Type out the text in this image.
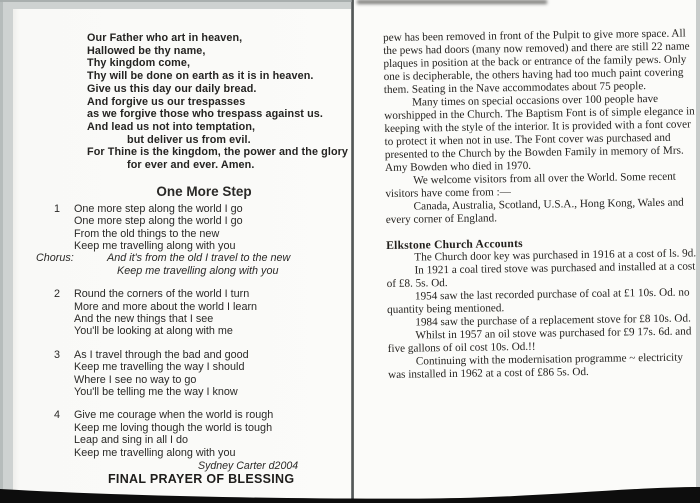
Our Father who art in heaven,
Hallowed be thy name,
Thy kingdom come,
Thy will be done on earth as it is in heaven.
Give us this day our daily bread.
And forgive us our trespasses
as we forgive those who trespass against us.
And lead us not into temptation,
but deliver us from evil.
For Thine is the kingdom, the power and the glory
for ever and ever. Amen.
One More Step
1	One more step along the world I go
One more step along the world I go
From the old things to the new
Keep me travelling along with you
Chorus:	And it's from the old I travel to the new
Keep me travelling along with you
2	Round the corners of the world I turn
More and more about the world I learn
And the new things that I see
You'll be looking at along with me
3	As I travel through the bad and good
Keep me travelling the way I should
Where I see no way to go
You'll be telling me the way I know
4	Give me courage when the world is rough
Keep me loving though the world is tough
Leap and sing in all I do
Keep me travelling along with you
Sydney Carter d2004
FINAL PRAYER OF BLESSING

pew has been removed in front of the Pulpit to give more space. All the pews had doors (many now removed) and there are still 22 name plaques in position at the back or entrance of the family pews. Only one is decipherable, the others having had too much paint covering them. Seating in the Nave accommodates about 75 people.

Many times on special occasions over 100 people have worshipped in the Church. The Baptism Font is of simple elegance in keeping with the style of the interior. It is provided with a font cover to protect it when not in use. The Font cover was purchased and presented to the Church by the Bowden Family in memory of Mrs. Amy Bowden who died in 1970.

We welcome visitors from all over the World. Some recent visitors have come from :—

Canada, Australia, Scotland, U.S.A., Hong Kong, Wales and every corner of England.

Elkstone Church Accounts

The Church door key was purchased in 1916 at a cost of ls. 9d.

In 1921 a coal tired stove was purchased and installed at a cost of £8. 5s. Od.

1954 saw the last recorded purchase of coal at £1 10s. Od. no quantity being mentioned.

1984 saw the purchase of a replacement stove for £8 10s. Od.

Whilst in 1957 an oil stove was purchased for £9 17s. 6d. and five gallons of oil cost 10s. Od.!!

Continuing with the modernisation programme ~ electricity was installed in 1962 at a cost of £86 5s. Od.
